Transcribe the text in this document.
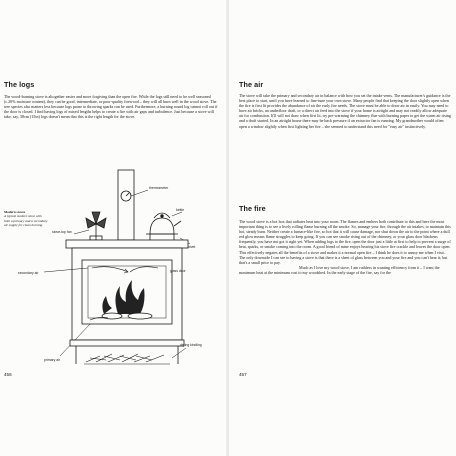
The logs

The wood-burning stove is altogether easier and more forgiving than the open fire. While the logs still need to be well seasoned (c.20% moisture content), they can be good, intermediate, or poor-quality firewood – they will all burn well in the wood stove. The tree species also matters less because logs prone to throwing sparks can be used. Furthermore, a burning round log cannot roll out if the door is closed. I find having logs of mixed lengths helps to create a fire with air gaps and turbulence. Just because a stove will take, say, 38cm (15in) logs doesn't mean that this is the right length for the stove.

Modern stoves
A typical modern stove with both a primary and a secondary air supply for clean burning.
thermometer
kettle
stove-top fan
trivet
secondary air	glass door
drying kindling
primary air
456
The air

The stove will take the primary and secondary air in balance with how you set the intake vents. The manufacturer's guidance is the best place to start, until you have learned to fine-tune your own stove. Many people find that keeping the door slightly open when the fire is first lit provides the abundance of air the early fire needs. The stove must be able to draw air in easily. You may need to have air bricks, an underfloor draft, or a direct air feed into the stove if your home is airtight and may not readily allow adequate air for combustion. It'll will not draw when first lit, try pre-warming the chimney flue with burning paper to get the warm air rising and a draft started. In an airtight house there may be back pressure if an extractor fan is running. My grandmother would often open a window slightly when first lighting her fire – she seemed to understand this need for "easy air" instinctively.

The fire

The wood stove is a hot box that radiates heat into your room. The flames and embers both contribute to this and here the most important thing is to see a lively rolling flame burning all the smoke. So, manage your fire, through the air intakes, to maintain this hot, steady burn. Neither create a furnace-like fire, so hot that it will cause damage, nor shut down the air to the point where a dull red glow means flame struggles to keep going. If you can see smoke rising out of the chimney, or your glass door blackens frequently, you have not got it right yet. When adding logs to the fire, open the door just a little at first to help to prevent a surge of heat, sparks, or smoke coming into the room. A good friend of mine enjoys hearing his stove fire crackle and leaves the door open. This effectively negates all the benefits of a stove and makes it a normal open fire – I think he does it to annoy me when I visit. The only downside I can see to having a stove is that there is a sheet of glass between you and your fire and you can't hear it; but that's a small price to pay.

Much as I love my wood stove, I am ruthless in wanting efficiency from it – I want the maximum heat at the minimum cost to my woodshed. In the early stage of the fire, say for the

457
